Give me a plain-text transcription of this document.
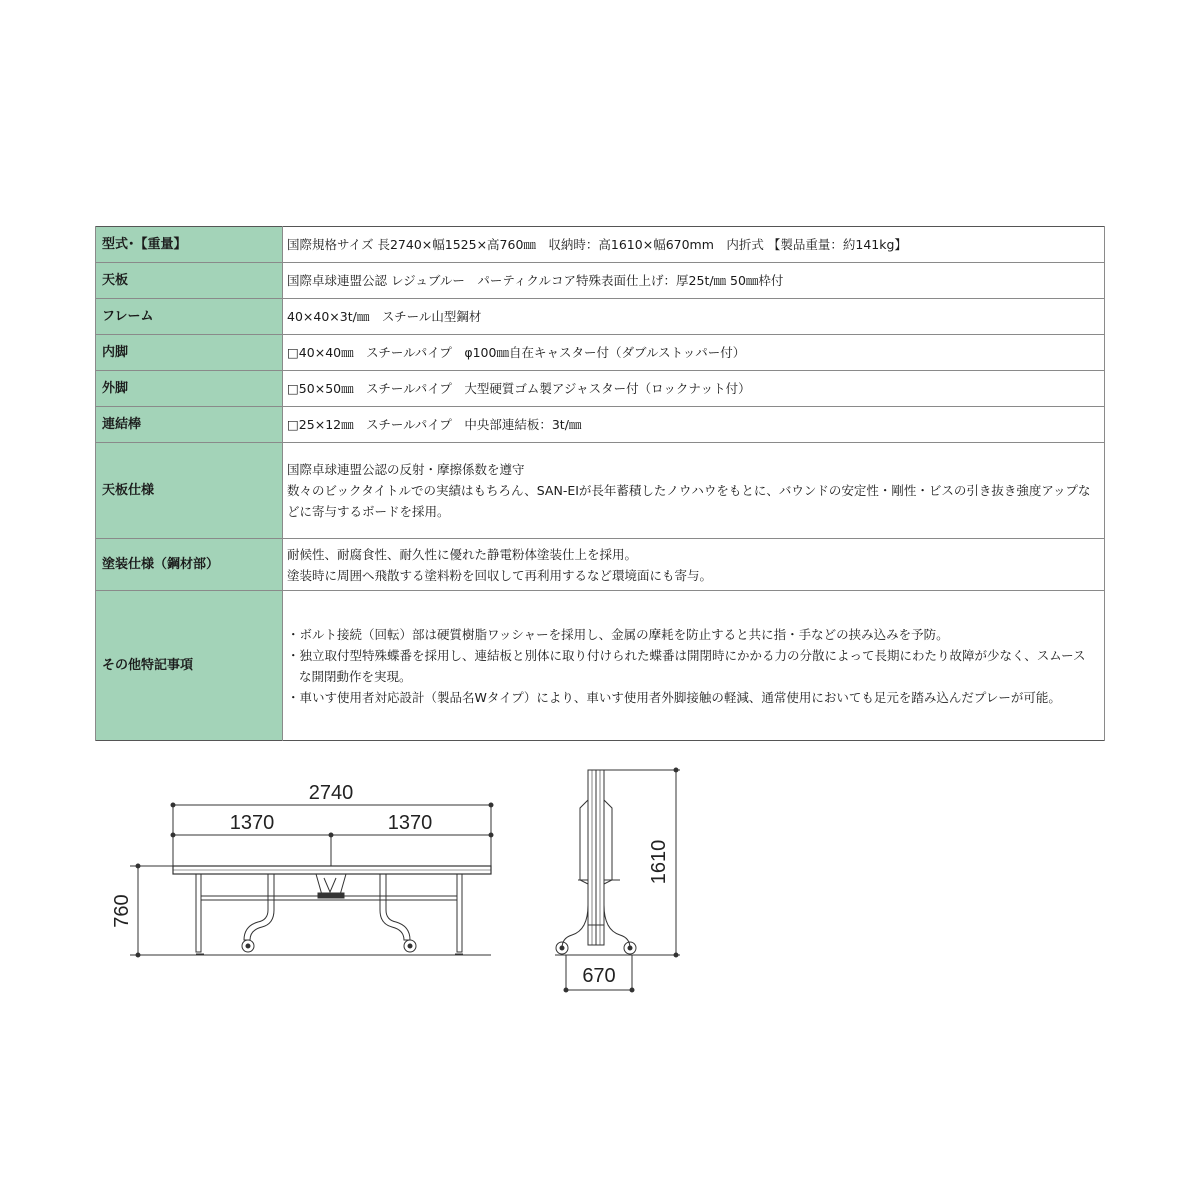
型式･【重量】	国際規格サイズ 長2740×幅1525×高760㎜　収納時：高1610×幅670mm　内折式 【製品重量：約141kg】

天板	国際卓球連盟公認 レジュブルー　パーティクルコア特殊表面仕上げ：厚25t/㎜ 50㎜枠付

フレーム	40×40×3t/㎜　スチール山型鋼材

内脚	□40×40㎜　スチールパイプ　φ100㎜自在キャスター付（ダブルストッパー付）

外脚	□50×50㎜　スチールパイプ　大型硬質ゴム製アジャスター付（ロックナット付）

連結棒	□25×12㎜　スチールパイプ　中央部連結板：3t/㎜

天板仕様	国際卓球連盟公認の反射・摩擦係数を遵守
数々のビックタイトルでの実績はもちろん、SAN-EIが長年蓄積したノウハウをもとに、バウンドの安定性・剛性・ビスの引き抜き強度アップなどに寄与するボードを採用。

塗装仕様（鋼材部）	耐候性、耐腐食性、耐久性に優れた静電粉体塗装仕上を採用。
塗装時に周囲へ飛散する塗料粉を回収して再利用するなど環境面にも寄与。

その他特記事項	・ボルト接続（回転）部は硬質樹脂ワッシャーを採用し、金属の摩耗を防止すると共に指・手などの挟み込みを予防。
・独立取付型特殊蝶番を採用し、連結板と別体に取り付けられた蝶番は開閉時にかかる力の分散によって長期にわたり故障が少なく、スムース
な開閉動作を実現。
・車いす使用者対応設計（製品名Wタイプ）により、車いす使用者外脚接触の軽減、通常使用においても足元を踏み込んだプレーが可能。
2740
1370	1370
760
1610
670
